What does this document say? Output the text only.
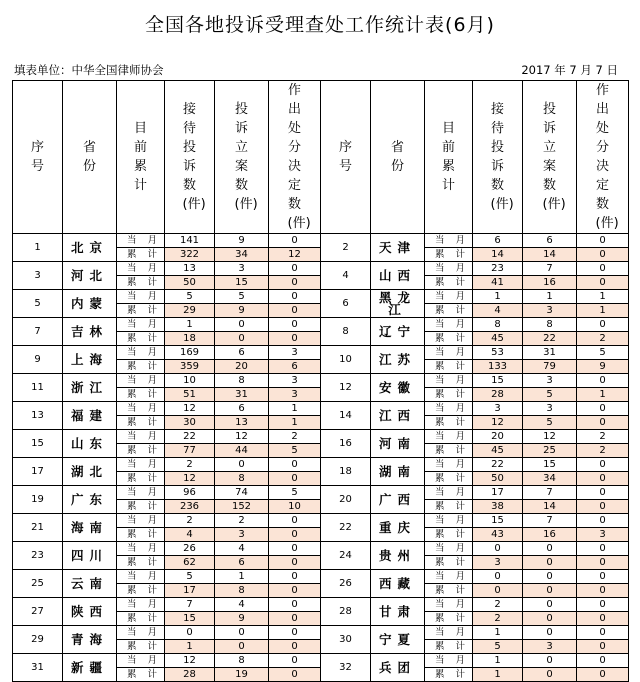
全国各地投诉受理查处工作统计表(6月)
填表单位：中华全国律师协会	2017 年 7 月 7 日
序号	省份	目前累计	接待投诉数(件)	投诉立案数(件)	作出处分决定数(件)	序号	省份	目前累计	接待投诉数(件)	投诉立案数(件)	作出处分决定数(件)
1	北京	当 月	141	9	0	2	天津	当 月	6	6	0
		累 计	322	34	12			累 计	14	14	0
3	河北	当 月	13	3	0	4	山西	当 月	23	7	0
		累 计	50	15	0			累 计	41	16	0
5	内蒙	当 月	5	5	0	6	黑龙江	当 月	1	1	1
		累 计	29	9	0			累 计	4	3	1
7	吉林	当 月	1	0	0	8	辽宁	当 月	8	8	0
		累 计	18	0	0			累 计	45	22	2
9	上海	当 月	169	6	3	10	江苏	当 月	53	31	5
		累 计	359	20	6			累 计	133	79	9
11	浙江	当 月	10	8	3	12	安徽	当 月	15	3	0
		累 计	51	31	3			累 计	28	5	1
13	福建	当 月	12	6	1	14	江西	当 月	3	3	0
		累 计	30	13	1			累 计	12	5	0
15	山东	当 月	22	12	2	16	河南	当 月	20	12	2
		累 计	77	44	5			累 计	45	25	2
17	湖北	当 月	2	0	0	18	湖南	当 月	22	15	0
		累 计	12	8	0			累 计	50	34	0
19	广东	当 月	96	74	5	20	广西	当 月	17	7	0
		累 计	236	152	10			累 计	38	14	0
21	海南	当 月	2	2	0	22	重庆	当 月	15	7	0
		累 计	4	3	0			累 计	43	16	3
23	四川	当 月	26	4	0	24	贵州	当 月	0	0	0
		累 计	62	6	0			累 计	3	0	0
25	云南	当 月	5	1	0	26	西藏	当 月	0	0	0
		累 计	17	8	0			累 计	0	0	0
27	陕西	当 月	7	4	0	28	甘肃	当 月	2	0	0
		累 计	15	9	0			累 计	2	0	0
29	青海	当 月	0	0	0	30	宁夏	当 月	1	0	0
		累 计	1	0	0			累 计	5	3	0
31	新疆	当 月	12	8	0	32	兵团	当 月	1	0	0
		累 计	28	19	0			累 计	1	0	0
